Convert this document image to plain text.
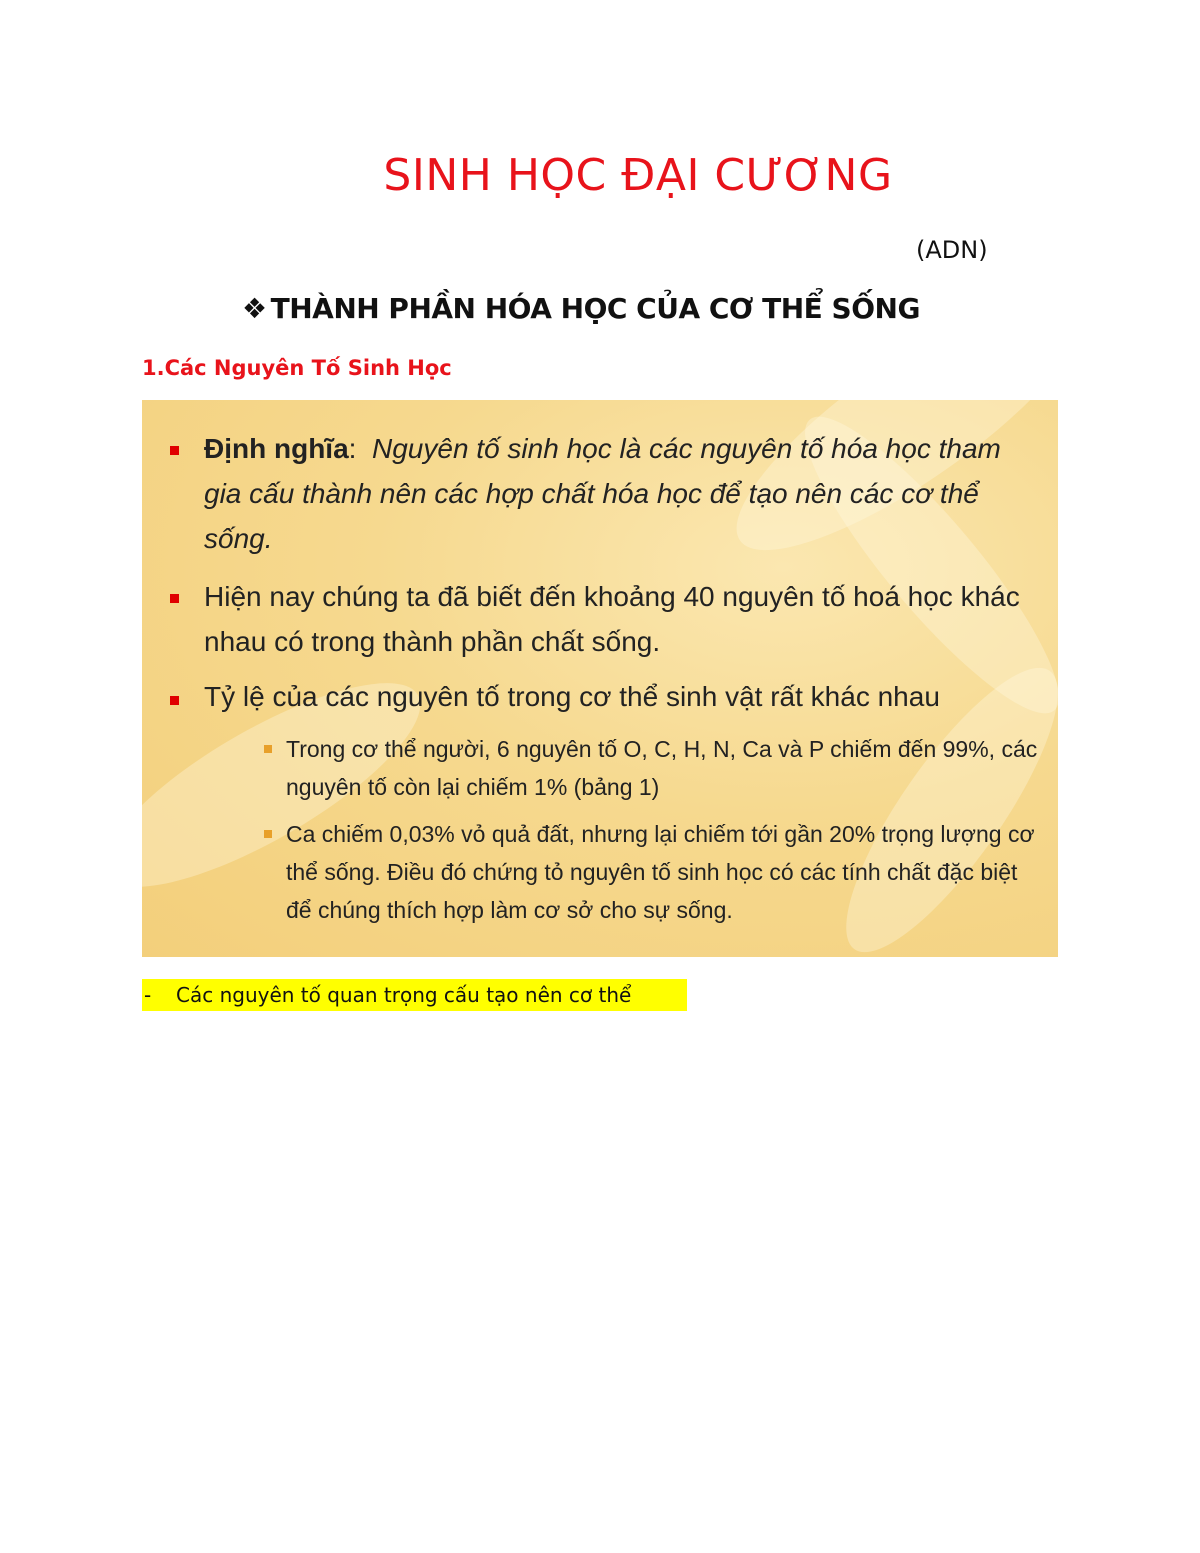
SINH HỌC ĐẠI CƯƠNG
(ADN)
❖ THÀNH PHẦN HÓA HỌC CỦA CƠ THỂ SỐNG
1.Các Nguyên Tố Sinh Học
Định nghĩa: Nguyên tố sinh học là các nguyên tố hóa học tham gia cấu thành nên các hợp chất hóa học để tạo nên các cơ thể sống.
Hiện nay chúng ta đã biết đến khoảng 40 nguyên tố hoá học khác nhau có trong thành phần chất sống.
Tỷ lệ của các nguyên tố trong cơ thể sinh vật rất khác nhau
Trong cơ thể người, 6 nguyên tố O, C, H, N, Ca và P chiếm đến 99%, các nguyên tố còn lại chiếm 1% (bảng 1)
Ca chiếm 0,03% vỏ quả đất, nhưng lại chiếm tới gần 20% trọng lượng cơ thể sống. Điều đó chứng tỏ nguyên tố sinh học có các tính chất đặc biệt để chúng thích hợp làm cơ sở cho sự sống.
- Các nguyên tố quan trọng cấu tạo nên cơ thể
